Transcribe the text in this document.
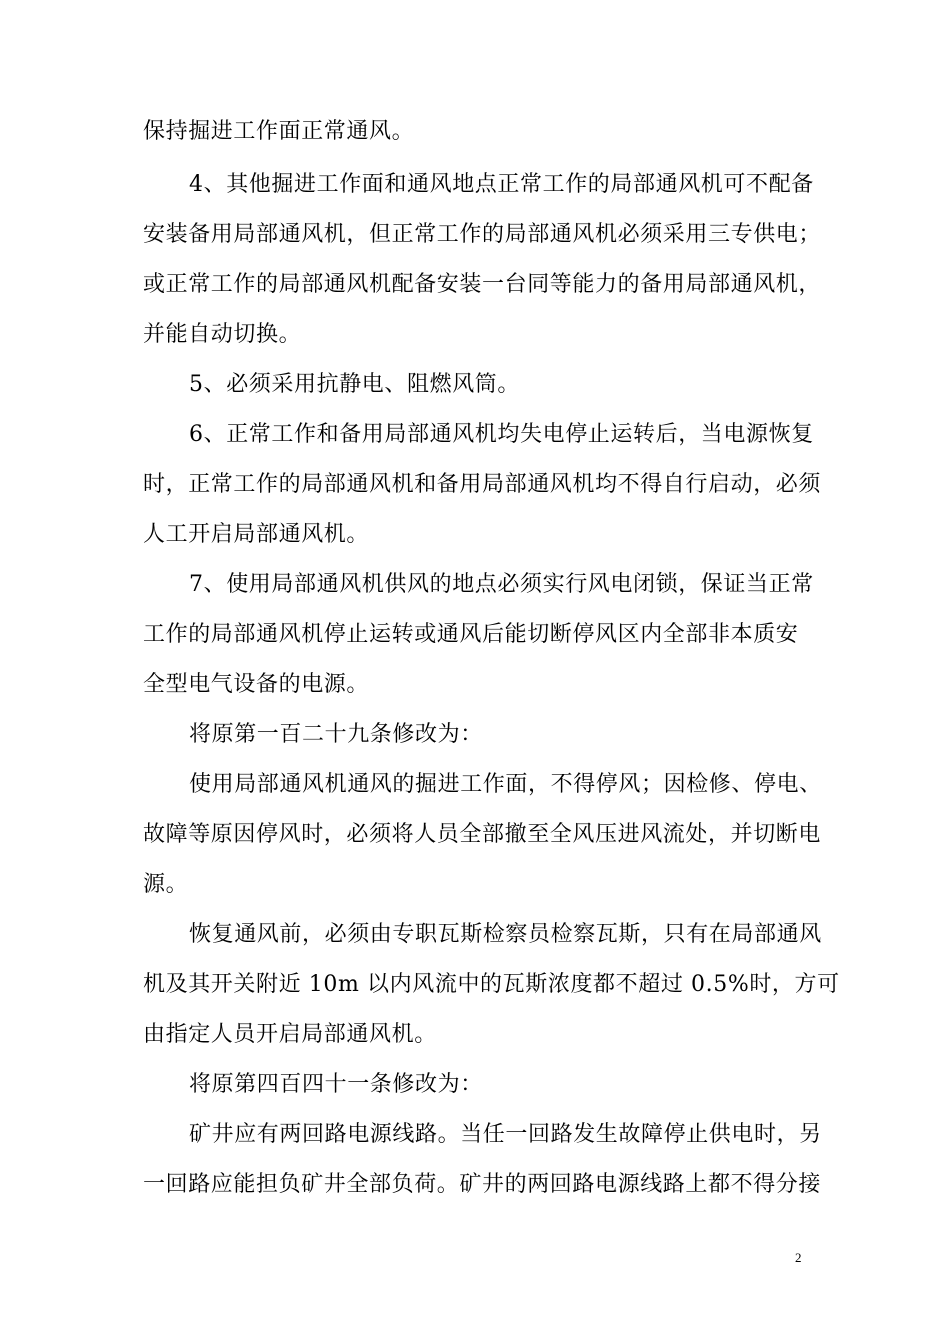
保持掘进工作面正常通风。
4、其他掘进工作面和通风地点正常工作的局部通风机可不配备
安装备用局部通风机，但正常工作的局部通风机必须采用三专供电；
或正常工作的局部通风机配备安装一台同等能力的备用局部通风机，
并能自动切换。
5、必须采用抗静电、阻燃风筒。
6、正常工作和备用局部通风机均失电停止运转后，当电源恢复
时，正常工作的局部通风机和备用局部通风机均不得自行启动，必须
人工开启局部通风机。
7、使用局部通风机供风的地点必须实行风电闭锁，保证当正常
工作的局部通风机停止运转或通风后能切断停风区内全部非本质安
全型电气设备的电源。
将原第一百二十九条修改为：
使用局部通风机通风的掘进工作面，不得停风；因检修、停电、
故障等原因停风时，必须将人员全部撤至全风压进风流处，并切断电
源。
恢复通风前，必须由专职瓦斯检察员检察瓦斯，只有在局部通风
机及其开关附近 10m 以内风流中的瓦斯浓度都不超过 0.5%时，方可
由指定人员开启局部通风机。
将原第四百四十一条修改为：
矿井应有两回路电源线路。当任一回路发生故障停止供电时，另
一回路应能担负矿井全部负荷。矿井的两回路电源线路上都不得分接
2
